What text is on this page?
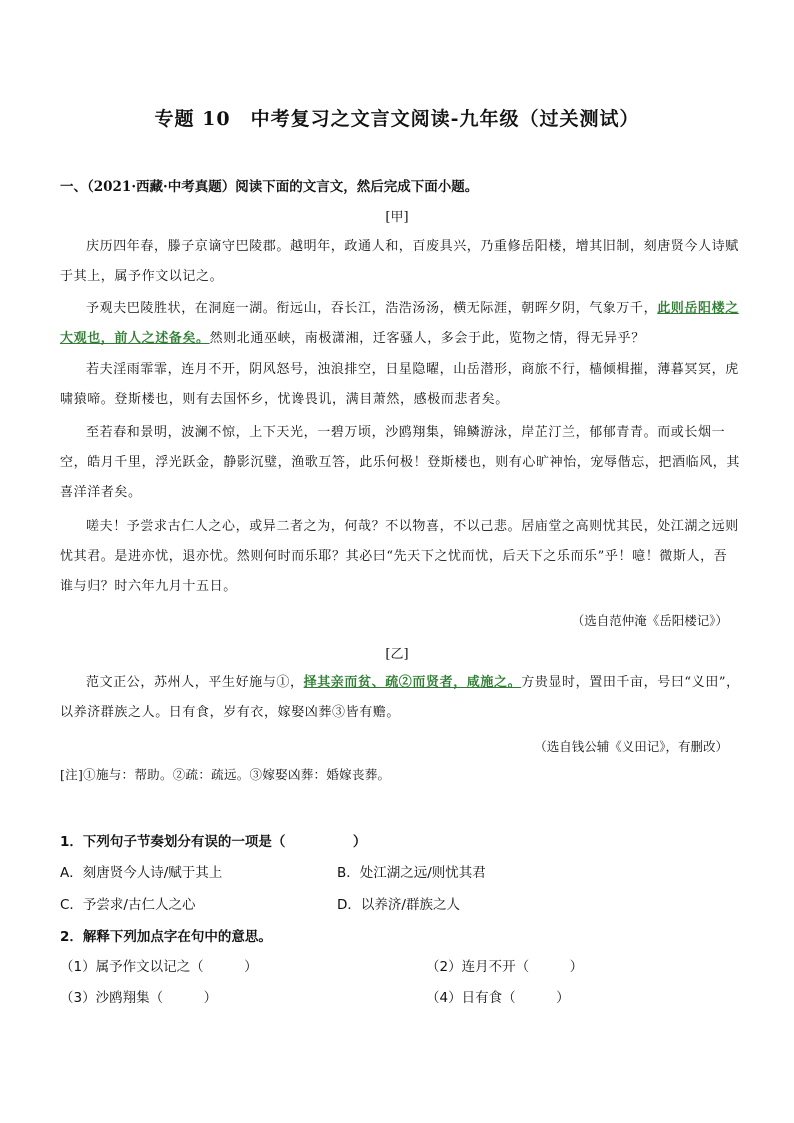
专题 10　中考复习之文言文阅读-九年级（过关测试）
一、（2021·西藏·中考真题）阅读下面的文言文，然后完成下面小题。
[甲]
庆历四年春，滕子京谪守巴陵郡。越明年，政通人和，百废具兴，乃重修岳阳楼，增其旧制，刻唐贤今人诗赋于其上，属予作文以记之。
予观夫巴陵胜状，在洞庭一湖。衔远山，吞长江，浩浩汤汤，横无际涯，朝晖夕阴，气象万千，此则岳阳楼之大观也，前人之述备矣。然则北通巫峡，南极潇湘，迁客骚人，多会于此，览物之情，得无异乎？
若夫淫雨霏霏，连月不开，阴风怒号，浊浪排空，日星隐曜，山岳潜形，商旅不行，樯倾楫摧，薄暮冥冥，虎啸猿啼。登斯楼也，则有去国怀乡，忧谗畏讥，满目萧然，感极而悲者矣。
至若春和景明，波澜不惊，上下天光，一碧万顷，沙鸥翔集，锦鳞游泳，岸芷汀兰，郁郁青青。而或长烟一空，皓月千里，浮光跃金，静影沉璧，渔歌互答，此乐何极！登斯楼也，则有心旷神怡，宠辱偕忘，把酒临风，其喜洋洋者矣。
嗟夫！予尝求古仁人之心，或异二者之为，何哉？不以物喜，不以己悲。居庙堂之高则忧其民，处江湖之远则忧其君。是进亦忧，退亦忧。然则何时而乐耶？其必曰“先天下之忧而忧，后天下之乐而乐”乎！噫！微斯人，吾谁与归？时六年九月十五日。
（选自范仲淹《岳阳楼记》）
[乙]
范文正公，苏州人，平生好施与①，择其亲而贫、疏②而贤者，咸施之。方贵显时，置田千亩，号曰“义田”，以养济群族之人。日有食，岁有衣，嫁娶凶葬③皆有赡。
（选自钱公辅《义田记》，有删改）
[注]①施与：帮助。②疏：疏远。③嫁娶凶葬：婚嫁丧葬。
1．下列句子节奏划分有误的一项是（　　　　　）
A．刻唐贤今人诗/赋于其上	B．处江湖之远/则忧其君
C．予尝求/古仁人之心	D．以养济/群族之人
2．解释下列加点字在句中的意思。
（1）属予作文以记之（　　　）	（2）连月不开（　　　）
（3）沙鸥翔集（　　　）	（4）日有食（　　　）
